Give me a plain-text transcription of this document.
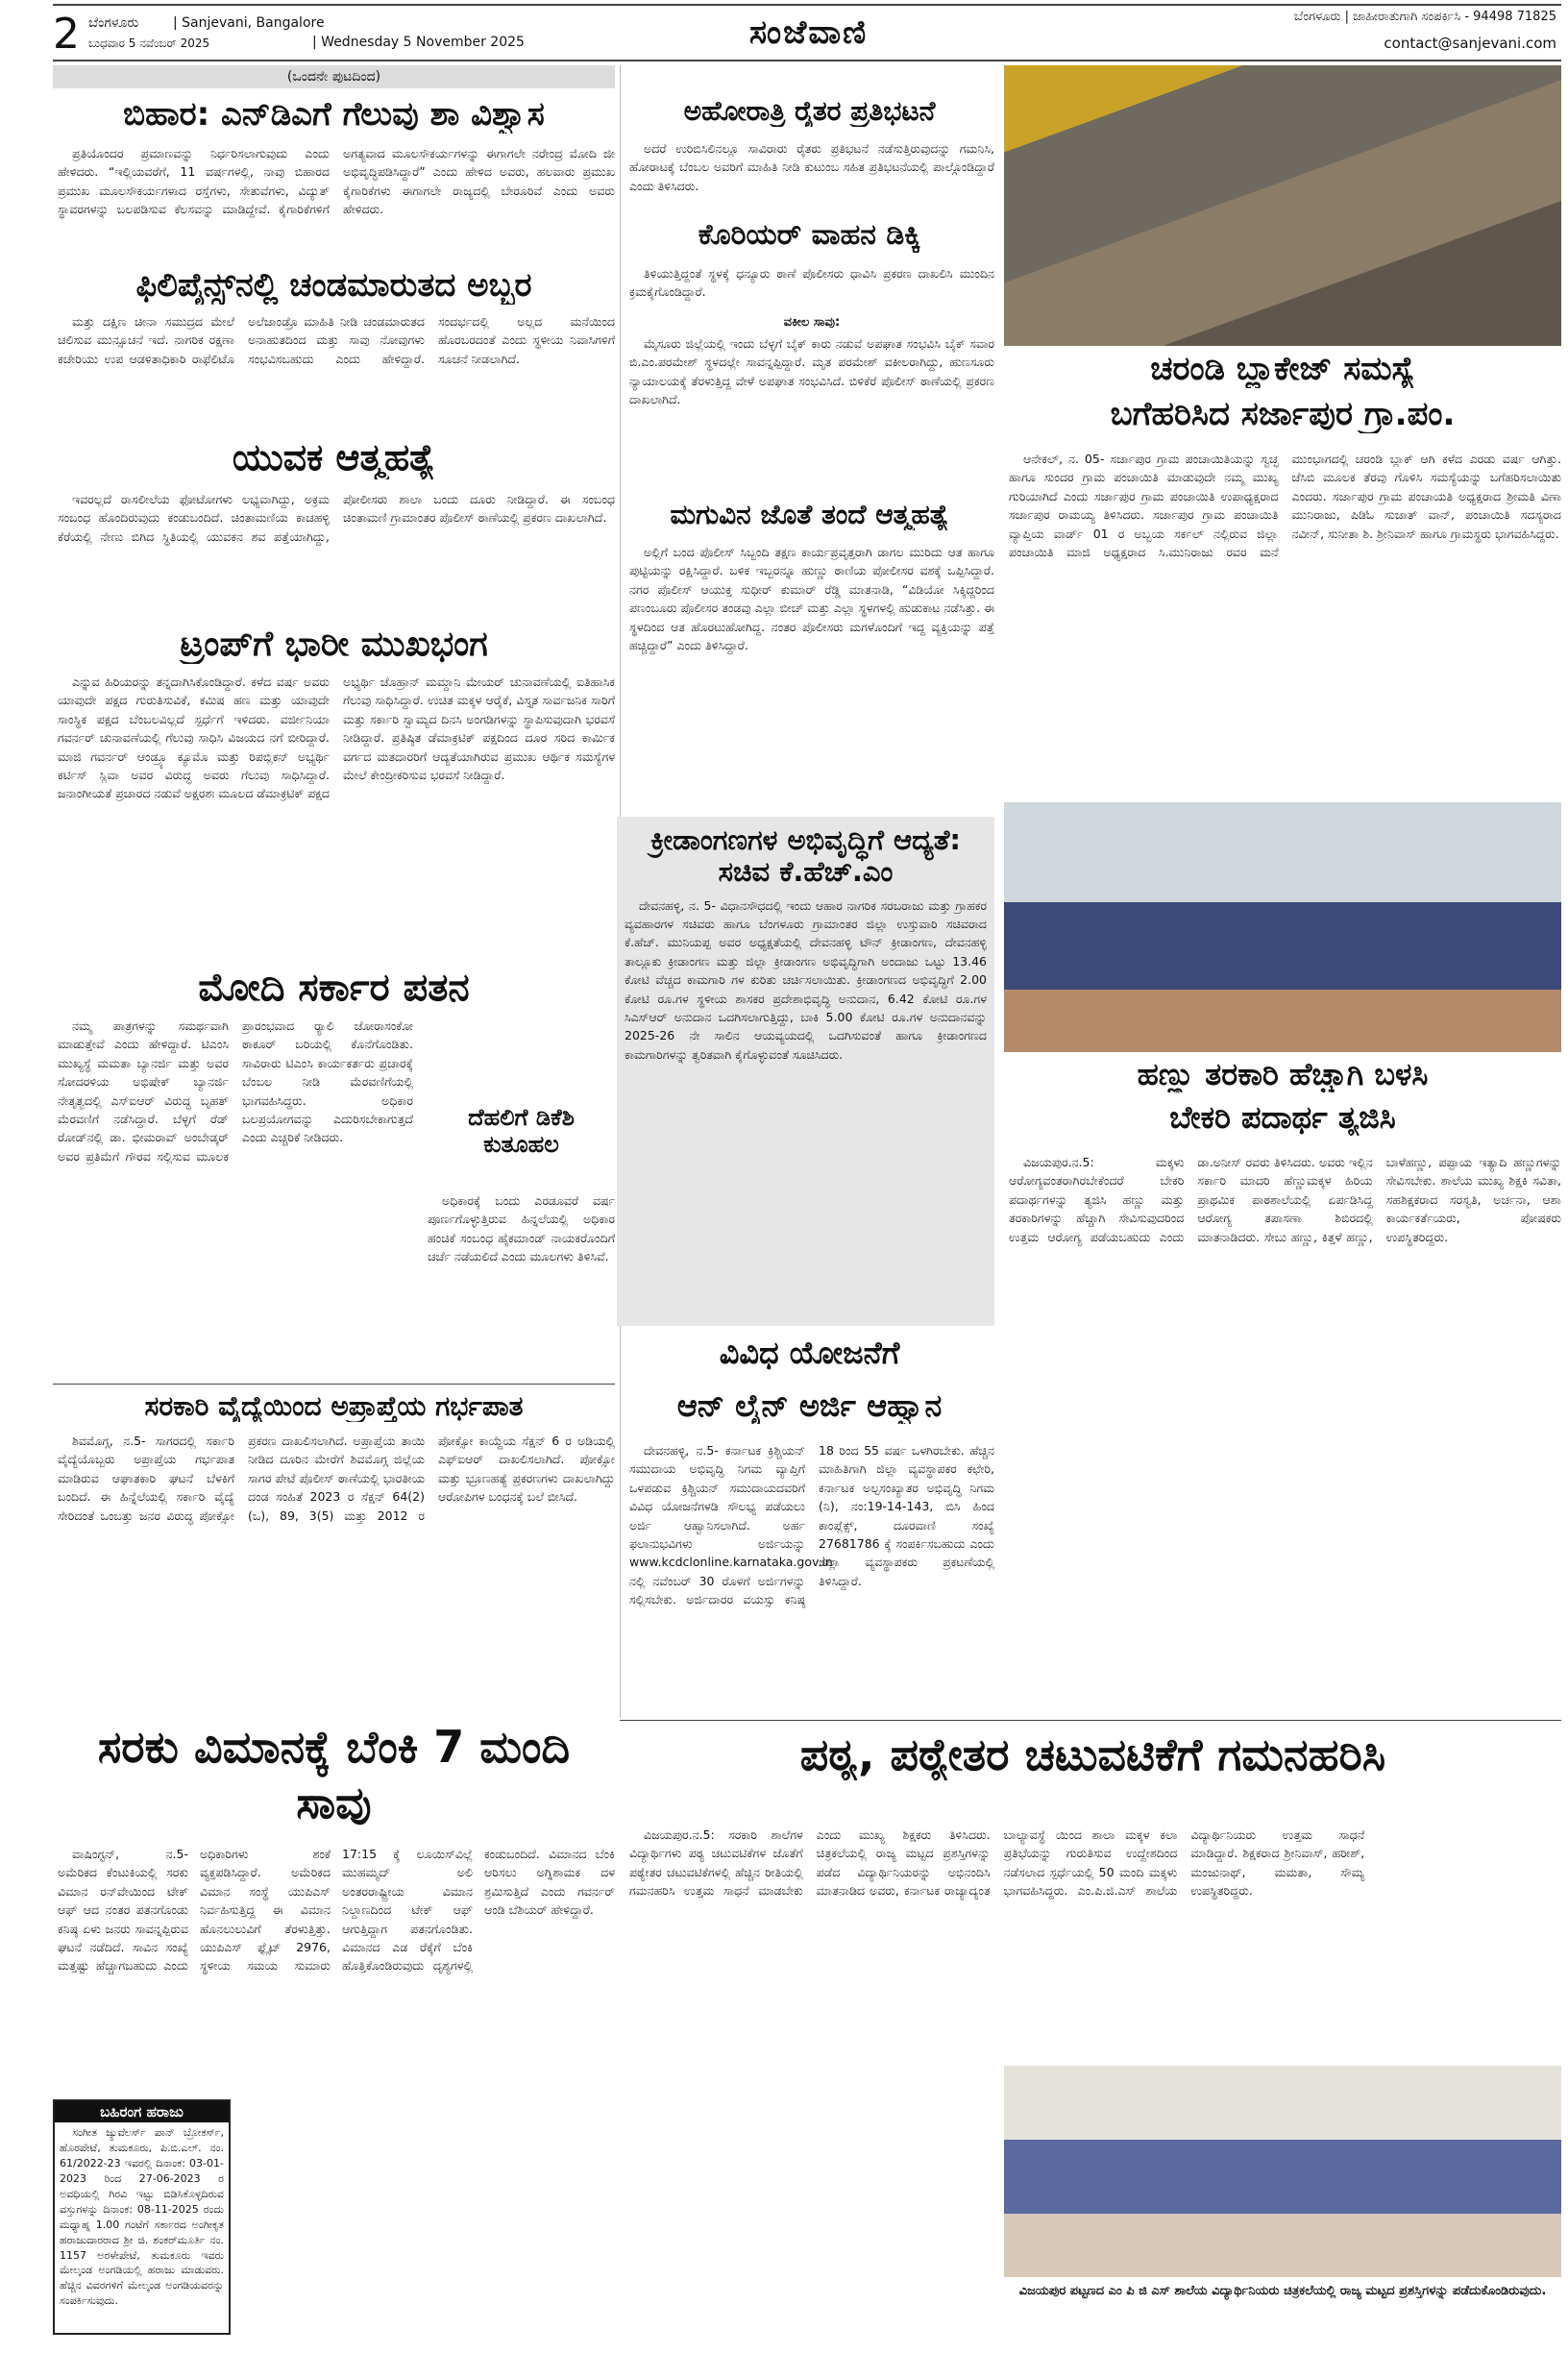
2 ಬೆಂಗಳೂರು	| Sanjevani, Bangalore
ಬುಧವಾರ 5 ನವೆಂಬರ್ 2025	| Wednesday 5 November 2025	ಸಂಜೆವಾಣಿ	ಬೆಂಗಳೂರು | ಜಾಹೀರಾತುಗಾಗಿ ಸಂಪರ್ಕಿಸಿ - 94498 71825
contact@sanjevani.com
(ಒಂದನೇ ಪುಟದಿಂದ)
ಬಿಹಾರ: ಎನ್‌ಡಿಎಗೆ ಗೆಲುವು ಶಾ ವಿಶ್ವಾಸ
ಪ್ರತಿಯೊಂದರ ಪ್ರಮಾಣವನ್ನು ನಿರ್ಧರಿಸಲಾಗುವುದು ಎಂದು ಹೇಳಿದರು. “ಇಲ್ಲಿಯವರೆಗೆ, 11 ವರ್ಷಗಳಲ್ಲಿ, ನಾವು ಬಿಹಾರದ ಪ್ರಮುಖ ಮೂಲಸೌಕರ್ಯಗಳಾದ ರಸ್ತೆಗಳು, ಸೇತುವೆಗಳು, ವಿದ್ಯುತ್ ಸ್ಥಾವರಗಳನ್ನು ಬಲಪಡಿಸುವ ಕೆಲಸವನ್ನು ಮಾಡಿದ್ದೇವೆ. ಕೈಗಾರಿಕೆಗಳಿಗೆ ಅಗತ್ಯವಾದ ಮೂಲಸೌಕರ್ಯಗಳನ್ನು ಈಗಾಗಲೇ ನರೇಂದ್ರ ಮೋದಿ ಜೀ ಅಭಿವೃದ್ಧಿಪಡಿಸಿದ್ದಾರೆ” ಎಂದು ಹೇಳಿದ ಅವರು, ಹಲವಾರು ಪ್ರಮುಖ ಕೈಗಾರಿಕೆಗಳು ಈಗಾಗಲೇ ರಾಜ್ಯದಲ್ಲಿ ಬೇರೂರಿವೆ ಎಂದು ಅವರು ಹೇಳಿದರು.
ಫಿಲಿಪೈನ್ಸ್‌ನಲ್ಲಿ ಚಂಡಮಾರುತದ ಅಬ್ಬರ
ಮತ್ತು ದಕ್ಷಿಣ ಚೀನಾ ಸಮುದ್ರದ ಮೇಲೆ ಚಲಿಸುವ ಮುನ್ಸೂಚನೆ ಇದೆ. ನಾಗರಿಕ ರಕ್ಷಣಾ ಕಚೇರಿಯು ಉಪ ಆಡಳಿತಾಧಿಕಾರಿ ರಾಫೆಲಿಟೊ ಅಲೆಜಾಂಡ್ರೊ ಮಾಹಿತಿ ನೀಡಿ ಚಂಡಮಾರುತದ ಅನಾಹುತದಿಂದ ಮತ್ತು ಸಾವು ನೋವುಗಳು ಸಂಭವಿಸಬಹುದು ಎಂದು ಹೇಳಿದ್ದಾರೆ. ಸಂದರ್ಭದಲ್ಲಿ ಅಲ್ಲದ ಮನೆಯಿಂದ ಹೊರಬರದಂತೆ ಎಂದು ಸ್ಥಳೀಯ ನಿವಾಸಿಗಳಿಗೆ ಸೂಚನೆ ನೀಡಲಾಗಿದೆ.
ಯುವಕ ಆತ್ಮಹತ್ಯೆ
ಇವರಲ್ಲದೆ ರಾಸಲೀಲೆಯ ಫೋಟೋಗಳು ಲಭ್ಯವಾಗಿದ್ದು, ಅಕ್ರಮ ಸಂಬಂಧ ಹೊಂದಿರುವುದು ಕಂಡುಬಂದಿದೆ. ಚಿಂತಾಮಣಿಯ ಕಾಚಹಳ್ಳಿ ಕೆರೆಯಲ್ಲಿ ನೇಣು ಬಿಗಿದ ಸ್ಥಿತಿಯಲ್ಲಿ ಯುವಕನ ಶವ ಪತ್ತೆಯಾಗಿದ್ದು, ಪೋಲೀಸರು ಶಾಲಾ ಬಂದು ದೂರು ನೀಡಿದ್ದಾರೆ. ಈ ಸಂಬಂಧ ಚಿಂತಾಮಣಿ ಗ್ರಾಮಾಂತರ ಪೊಲೀಸ್ ಠಾಣೆಯಲ್ಲಿ ಪ್ರಕರಣ ದಾಖಲಾಗಿದೆ.
ಟ್ರಂಪ್‌ಗೆ ಭಾರೀ ಮುಖಭಂಗ
ಎನ್ನುವ ಹಿರಿಯರನ್ನು ತನ್ನದಾಗಿಸಿಕೊಂಡಿದ್ದಾರೆ. ಕಳೆದ ವರ್ಷ ಅವರು ಯಾವುದೇ ಪಕ್ಷದ ಗುರುತಿಸುವಿಕೆ, ಕಮಿಷ ಹಣ ಮತ್ತು ಯಾವುದೇ ಸಾಂಸ್ಥಿಕ ಪಕ್ಷದ ಬೆಂಬಲವಿಲ್ಲದೆ ಸ್ಪರ್ಧೆಗೆ ಇಳಿದರು. ವರ್ಜೀನಿಯಾ ಗವರ್ನರ್ ಚುನಾವಣೆಯಲ್ಲಿ ಗೆಲುವು ಸಾಧಿಸಿ ವಿಜಯದ ನಗೆ ಬೀರಿದ್ದಾರೆ. ಮಾಜಿ ಗವರ್ನರ್ ಆಂಡ್ರ್ಯೂ ಕ್ಯೂಮೊ ಮತ್ತು ರಿಪಬ್ಲಿಕನ್ ಅಭ್ಯರ್ಥಿ ಕರ್ಟಿಸ್ ಸ್ಲಿವಾ ಅವರ ವಿರುದ್ಧ ಅವರು ಗೆಲುವು ಸಾಧಿಸಿದ್ದಾರೆ. ಜನಾಂಗೀಯತೆ ಪ್ರಚಾರದ ನಡುವೆ ಅಕ್ಷರಶಃ ಮೂಲದ ಡೆಮಾಕ್ರಟಿಕ್ ಪಕ್ಷದ ಅಭ್ಯರ್ಥಿ ಜೊಹ್ರಾನ್ ಮಮ್ದಾನಿ ಮೇಯರ್ ಚುನಾವಣೆಯಲ್ಲಿ ಐತಿಹಾಸಿಕ ಗೆಲುವು ಸಾಧಿಸಿದ್ದಾರೆ. ಉಚಿತ ಮಕ್ಕಳ ಆರೈಕೆ, ವಿಸ್ತೃತ ಸಾರ್ವಜನಿಕ ಸಾರಿಗೆ ಮತ್ತು ಸರ್ಕಾರಿ ಸ್ವಾಮ್ಯದ ದಿನಸಿ ಅಂಗಡಿಗಳನ್ನು ಸ್ಥಾಪಿಸುವುದಾಗಿ ಭರವಸೆ ನೀಡಿದ್ದಾರೆ. ಪ್ರತಿಷ್ಠಿತ ಡೆಮಾಕ್ರಟಿಕ್ ಪಕ್ಷದಿಂದ ದೂರ ಸರಿದ ಕಾರ್ಮಿಕ ವರ್ಗದ ಮತದಾರರಿಗೆ ಆದ್ಯತೆಯಾಗಿರುವ ಪ್ರಮುಖ ಆರ್ಥಿಕ ಸಮಸ್ಯೆಗಳ ಮೇಲೆ ಕೇಂದ್ರೀಕರಿಸುವ ಭರವಸೆ ನೀಡಿದ್ದಾರೆ.
ಮೋದಿ ಸರ್ಕಾರ ಪತನ
ನಮ್ಮ ಪಾತ್ರಗಳನ್ನು ಸಮರ್ಥವಾಗಿ ಮಾಡುತ್ತೇವೆ ಎಂದು ಹೇಳಿದ್ದಾರೆ. ಟಿಎಂಸಿ ಮುಖ್ಯಸ್ಥೆ ಮಮತಾ ಬ್ಯಾನರ್ಜಿ ಮತ್ತು ಅವರ ಸೋದರಳಿಯ ಅಭಿಷೇಕ್ ಬ್ಯಾನರ್ಜಿ ನೇತೃತ್ವದಲ್ಲಿ ಎಸ್‌ಐಆರ್ ವಿರುದ್ಧ ಬೃಹತ್ ಮೆರವಣಿಗೆ ನಡೆಸಿದ್ದಾರೆ. ಬೆಳ್ಳಗೆ ರೆಡ್ ರೋಡ್‌ನಲ್ಲಿ ಡಾ. ಭೀಮರಾವ್ ಅಂಬೇಡ್ಕರ್ ಅವರ ಪ್ರತಿಮೆಗೆ ಗೌರವ ಸಲ್ಲಿಸುವ ಮೂಲಕ ಪ್ರಾರಂಭವಾದ ರ‍್ಯಾಲಿ ಜೋರಾಸಂಕೋ ಠಾಕೂರ್ ಬರಿಯಲ್ಲಿ ಕೊನೆಗೊಂಡಿತು. ಸಾವಿರಾರು ಟಿಎಂಸಿ ಕಾರ್ಯಕರ್ತರು ಪ್ರಚಾರಕ್ಕೆ ಬೆಂಬಲ ನೀಡಿ ಮೆರವಣಿಗೆಯಲ್ಲಿ ಭಾಗವಹಿಸಿದ್ದರು. ಅಧಿಕಾರ ಬಲಪ್ರಯೋಗವನ್ನು ಎದುರಿಸಬೇಕಾಗುತ್ತದೆ ಎಂದು ಎಚ್ಚರಿಕೆ ನೀಡಿದರು.
ದೆಹಲಿಗೆ ಡಿಕೆಶಿ ಕುತೂಹಲ
ಅಧಿಕಾರಕ್ಕೆ ಬಂದು ಎರಡೂವರೆ ವರ್ಷ ಪೂರ್ಣಗೊಳ್ಳುತ್ತಿರುವ ಹಿನ್ನಲೆಯಲ್ಲಿ ಅಧಿಕಾರ ಹಂಚಿಕೆ ಸಂಬಂಧ ಹೈಕಮಾಂಡ್ ನಾಯಕರೊಂದಿಗೆ ಚರ್ಚೆ ನಡೆಯಲಿದೆ ಎಂದು ಮೂಲಗಳು ತಿಳಿಸಿವೆ.
ಸರಕಾರಿ ವೈದ್ಯೆಯಿಂದ ಅಪ್ರಾಪ್ತೆಯ ಗರ್ಭಪಾತ
ಶಿವಮೊಗ್ಗ, ನ.5- ಸಾಗರದಲ್ಲಿ ಸರ್ಕಾರಿ ವೈದ್ಯೆಯೊಬ್ಬರು ಅಪ್ರಾಪ್ತೆಯ ಗರ್ಭಪಾತ ಮಾಡಿರುವ ಆಘಾತಕಾರಿ ಘಟನೆ ಬೆಳಕಿಗೆ ಬಂದಿದೆ. ಈ ಹಿನ್ನೆಲೆಯಲ್ಲಿ ಸರ್ಕಾರಿ ವೈದ್ಯೆ ಸೇರಿದಂತೆ ಒಂಬತ್ತು ಜನರ ವಿರುದ್ಧ ಪೋಕ್ಸೋ ಪ್ರಕರಣ ದಾಖಲಿಸಲಾಗಿದೆ. ಅಪ್ರಾಪ್ತೆಯ ತಾಯಿ ನೀಡಿದ ದೂರಿನ ಮೇರೆಗೆ ಶಿವಮೊಗ್ಗ ಜಿಲ್ಲೆಯ ಸಾಗರ ಪೇಟೆ ಪೊಲೀಸ್ ಠಾಣೆಯಲ್ಲಿ ಭಾರತೀಯ ದಂಡ ಸಂಹಿತೆ 2023 ರ ಸೆಕ್ಷನ್ 64(2)(ಒ), 89, 3(5) ಮತ್ತು 2012 ರ ಪೋಕ್ಸೋ ಕಾಯ್ದೆಯ ಸೆಕ್ಷನ್ 6 ರ ಅಡಿಯಲ್ಲಿ ಎಫ್‌ಐಆರ್ ದಾಖಲಿಸಲಾಗಿದೆ. ಪೋಕ್ಸೋ ಮತ್ತು ಭ್ರೂಣಹತ್ಯೆ ಪ್ರಕರಣಗಳು ದಾಖಲಾಗಿದ್ದು ಆರೋಪಿಗಳ ಬಂಧನಕ್ಕೆ ಬಲೆ ಬೀಸಿದೆ.
ಸರಕು ವಿಮಾನಕ್ಕೆ ಬೆಂಕಿ 7 ಮಂದಿ ಸಾವು
ವಾಷಿಂಗ್ಟನ್, ನ.5- ಅಮೆರಿಕದ ಕೆಂಟುಕಿಯಲ್ಲಿ ಸರಕು ವಿಮಾನ ರನ್‌ವೇಯಿಂದ ಟೇಕ್ ಆಫ್ ಆದ ನಂತರ ಪತನಗೊಂಡು ಕನಿಷ್ಠ ಏಳು ಜನರು ಸಾವನ್ನಪ್ಪಿರುವ ಘಟನೆ ನಡೆದಿದೆ. ಸಾವಿನ ಸಂಖ್ಯೆ ಮತ್ತಷ್ಟು ಹೆಚ್ಚಾಗಬಹುದು ಎಂದು ಅಧಿಕಾರಿಗಳು ಶಂಕೆ ವ್ಯಕ್ತಪಡಿಸಿದ್ದಾರೆ. ಅಮೆರಿಕದ ವಿಮಾನ ಸಂಸ್ಥೆ ಯುಪಿಎಸ್ ನಿರ್ವಹಿಸುತ್ತಿದ್ದ ಈ ವಿಮಾನ ಹೊನಲುಲುವಿಗೆ ತೆರಳುತ್ತಿತ್ತು. ಯುಪಿಎಸ್ ಫ್ಲೈಟ್ 2976, ಸ್ಥಳೀಯ ಸಮಯ ಸುಮಾರು 17:15 ಕ್ಕೆ ಲೂಯಿಸ್‌ವಿಲ್ಲೆ ಮುಹಮ್ಮದ್ ಅಲಿ ಅಂತರರಾಷ್ಟ್ರೀಯ ವಿಮಾನ ನಿಲ್ದಾಣದಿಂದ ಟೇಕ್ ಆಫ್ ಆಗುತ್ತಿದ್ದಾಗ ಪತನಗೊಂಡಿತು. ವಿಮಾನದ ಎಡ ರೆಕ್ಕೆಗೆ ಬೆಂಕಿ ಹೊತ್ತಿಕೊಂಡಿರುವುದು ದೃಶ್ಯಗಳಲ್ಲಿ ಕಂಡುಬಂದಿದೆ. ವಿಮಾನದ ಬೆಂಕಿ ಆರಿಸಲು ಅಗ್ನಿಶಾಮಕ ದಳ ಶ್ರಮಿಸುತ್ತಿದೆ ಎಂದು ಗವರ್ನರ್ ಆಂಡಿ ಬೆಶಿಯರ್ ಹೇಳಿದ್ದಾರೆ.
ಬಹಿರಂಗ ಹರಾಜು
ಸಂಗೀತ ಜ್ಯುವೆಲರ್ಸ್ ಪಾನ್ ಬ್ರೋಕರ್ಸ್, ಹೊರಪೇಟೆ, ತುಮಕೂರು, ಪಿ.ಬಿ.ಎಲ್. ನಂ. 61/2022-23 ಇವರಲ್ಲಿ ದಿನಾಂಕ: 03-01-2023 ರಿಂದ 27-06-2023 ರ ಅವಧಿಯಲ್ಲಿ ಗಿರವಿ ಇಟ್ಟು ಬಿಡಿಸಿಕೊಳ್ಳದಿರುವ ವಸ್ತುಗಳನ್ನು ದಿನಾಂಕ: 08-11-2025 ರಂದು ಮಧ್ಯಾಹ್ನ 1.00 ಗಂಟೆಗೆ ಸರ್ಕಾರದ ಅಂಗೀಕೃತ ಹರಾಜುದಾರರಾದ ಶ್ರೀ ಜಿ. ಶಂಕರ್‌ಮೂರ್ತಿ ನಂ. 1157 ಅರಳೇಪೇಟೆ, ತುಮಕೂರು ಇವರು ಮೇಲ್ಕಂಡ ಅಂಗಡಿಯಲ್ಲಿ ಹರಾಜು ಮಾಡುವರು. ಹೆಚ್ಚಿನ ವಿವರಗಳಿಗೆ ಮೇಲ್ಕಂಡ ಅಂಗಡಿಯವರನ್ನು ಸಂಪರ್ಕಿಸುವುದು.
ಅಹೋರಾತ್ರಿ ರೈತರ ಪ್ರತಿಭಟನೆ
ಅದರೆ ಉರಿಬಿಸಿಲಿನಲ್ಲೂ ಸಾವಿರಾರು ರೈತರು ಪ್ರತಿಭಟನೆ ನಡೆಸುತ್ತಿರುವುದನ್ನು ಗಮನಿಸಿ, ಹೋರಾಟಕ್ಕೆ ಬೆಂಬಲ ಅವರಿಗೆ ಮಾಹಿತಿ ನೀಡಿ ಕುಟುಂಬ ಸಹಿತ ಪ್ರತಿಭಟನೆಯಲ್ಲಿ ಪಾಲ್ಗೊಂಡಿದ್ದಾರೆ ಎಂದು ತಿಳಿಸಿದರು.
ಕೊರಿಯರ್ ವಾಹನ ಡಿಕ್ಕಿ
ತಿಳಿಯುತ್ತಿದ್ದಂತೆ ಸ್ಥಳಕ್ಕೆ ಧನ್ಯೂರು ಠಾಣೆ ಪೊಲೀಸರು ಧಾವಿಸಿ ಪ್ರಕರಣ ದಾಖಲಿಸಿ ಮುಂದಿನ ಕ್ರಮಕೈಗೊಂಡಿದ್ದಾರೆ.
ವಕೀಲ ಸಾವು:
ಮೈಸೂರು ಜಿಲ್ಲೆಯಲ್ಲಿ ಇಂದು ಬೆಳ್ಳಗೆ ಬೈಕ್ ಕಾರು ನಡುವೆ ಅಪಘಾತ ಸಂಭವಿಸಿ ಬೈಕ್ ಸವಾರ ಬಿ.ಎಂ.ಪರಮೇಶ್ ಸ್ಥಳದಲ್ಲೇ ಸಾವನ್ನಪ್ಪಿದ್ದಾರೆ. ಮೃತ ಪರಮೇಶ್ ವಕೀಲರಾಗಿದ್ದು, ಹುಣಸೂರು ನ್ಯಾಯಾಲಯಕ್ಕೆ ತೆರಳುತ್ತಿದ್ದ ವೇಳೆ ಅಪಘಾತ ಸಂಭವಿಸಿದೆ. ಬಿಳಿಕೆರೆ ಪೊಲೀಸ್ ಠಾಣೆಯಲ್ಲಿ ಪ್ರಕರಣ ದಾಖಲಾಗಿದೆ.
ಮಗುವಿನ ಜೊತೆ ತಂದೆ ಆತ್ಮಹತ್ಯೆ
ಅಲ್ಲಿಗೆ ಬಂದ ಪೊಲೀಸ್ ಸಿಬ್ಬಂದಿ ತಕ್ಷಣ ಕಾರ್ಯಪ್ರವೃತ್ತರಾಗಿ ಡಾಗಲ ಮುರಿದು ಆತ ಹಾಗೂ ಪುಟ್ಟಿಯನ್ನು ರಕ್ಷಿಸಿದ್ದಾರೆ. ಬಳಿಕ ಇಬ್ಬರನ್ನೂ ಹುಣ್ಣು ಠಾಣಿಯ ಪೋಲೀಸರ ವಶಕ್ಕೆ ಒಪ್ಪಿಸಿದ್ದಾರೆ. ನಗರ ಪೊಲೀಸ್ ಆಯುಕ್ತ ಸುಧೀರ್ ಕುಮಾರ್ ರೆಡ್ಡಿ ಮಾತನಾಡಿ, “ವಿಡಿಯೋ ಸಿಕ್ಕಿದ್ದರಿಂದ ಪಣಂಬೂರು ಪೊಲೀಸರ ತಂಡವು ಎಲ್ಲಾ ಬೀಚ್ ಮತ್ತು ಎಲ್ಲಾ ಸ್ಥಳಗಳಲ್ಲಿ ಹುಡುಕಾಟ ನಡೆಸಿತ್ತು. ಈ ಸ್ಥಳದಿಂದ ಆತ ಹೊರಟುಹೋಗಿದ್ದ. ನಂತರ ಪೊಲೀಸರು ಮಗಳೊಂದಿಗೆ ಇದ್ದ ವ್ಯಕ್ತಿಯನ್ನು ಪತ್ತೆ ಹಚ್ಚಿದ್ದಾರೆ” ಎಂದು ತಿಳಿಸಿದ್ದಾರೆ.
ಕ್ರೀಡಾಂಗಣಗಳ ಅಭಿವೃದ್ಧಿಗೆ ಆದ್ಯತೆ: ಸಚಿವ ಕೆ.ಹೆಚ್.ಎಂ
ದೇವನಹಳ್ಳಿ, ನ. 5- ವಿಧಾನಸೌಧದಲ್ಲಿ ಇಂದು ಆಹಾರ ನಾಗರಿಕ ಸರಬರಾಜು ಮತ್ತು ಗ್ರಾಹಕರ ವ್ಯವಹಾರಗಳ ಸಚಿವರು ಹಾಗೂ ಬೆಂಗಳೂರು ಗ್ರಾಮಾಂತರ ಜಿಲ್ಲಾ ಉಸ್ತುವಾರಿ ಸಚಿವರಾದ ಕೆ.ಹೆಚ್. ಮುನಿಯಪ್ಪ ಅವರ ಅಧ್ಯಕ್ಷತೆಯಲ್ಲಿ ದೇವನಹಳ್ಳಿ ಟೌನ್ ಕ್ರೀಡಾಂಗಣ, ದೇವನಹಳ್ಳಿ ತಾಲ್ಲೂಕು ಕ್ರೀಡಾಂಗಣ ಮತ್ತು ಜಿಲ್ಲಾ ಕ್ರೀಡಾಂಗಣ ಅಭಿವೃದ್ಧಿಗಾಗಿ ಅಂದಾಜು ಒಟ್ಟು 13.46 ಕೋಟಿ ವೆಚ್ಚದ ಕಾಮಗಾರಿ ಗಳ ಕುರಿತು ಚರ್ಚಿಸಲಾಯಿತು. ಕ್ರೀಡಾಂಗಣದ ಅಭಿವೃದ್ಧಿಗೆ 2.00 ಕೋಟಿ ರೂ.ಗಳ ಸ್ಥಳೀಯ ಶಾಸಕರ ಪ್ರದೇಶಾಭಿವೃದ್ಧಿ ಅನುದಾನ, 6.42 ಕೋಟಿ ರೂ.ಗಳ ಸಿಎಸ್‌ಆರ್ ಅನುದಾನ ಒದಗಿಸಲಾಗುತ್ತಿದ್ದು, ಬಾಕಿ 5.00 ಕೋಟಿ ರೂ.ಗಳ ಅನುದಾನವನ್ನು 2025-26 ನೇ ಸಾಲಿನ ಆಯವ್ಯಯದಲ್ಲಿ ಒದಗಿಸುವಂತೆ ಹಾಗೂ ಕ್ರೀಡಾಂಗಣದ ಕಾಮಗಾರಿಗಳನ್ನು ತ್ವರಿತವಾಗಿ ಕೈಗೊಳ್ಳುವಂತೆ ಸೂಚಿಸಿದರು.
ವಿವಿಧ ಯೋಜನೆಗೆ
ಆನ್ ಲೈನ್ ಅರ್ಜಿ ಆಹ್ವಾನ
ದೇವನಹಳ್ಳಿ, ನ.5- ಕರ್ನಾಟಕ ಕ್ರಿಶ್ಚಿಯನ್ ಸಮುದಾಯ ಅಭಿವೃದ್ಧಿ ನಿಗಮ ವ್ಯಾಪ್ತಿಗೆ ಒಳಪಡುವ ಕ್ರಿಶ್ಚಿಯನ್ ಸಮುದಾಯದವರಿಗೆ ವಿವಿಧ ಯೋಜನೆಗಳಡಿ ಸೌಲಭ್ಯ ಪಡೆಯಲು ಅರ್ಜಿ ಆಹ್ವಾನಿಸಲಾಗಿದೆ. ಅರ್ಹ ಫಲಾನುಭವಿಗಳು ಅರ್ಜಿಯನ್ನು www.kcdclonline.karnataka.gov.in ನಲ್ಲಿ ನವೆಂಬರ್ 30 ರೊಳಗೆ ಅರ್ಜಿಗಳನ್ನು ಸಲ್ಲಿಸಬೇಕು. ಅರ್ಜಿದಾರರ ವಯಸ್ಸು ಕನಿಷ್ಠ 18 ರಿಂದ 55 ವರ್ಷ ಒಳಗಿರಬೇಕು. ಹೆಚ್ಚಿನ ಮಾಹಿತಿಗಾಗಿ ಜಿಲ್ಲಾ ವ್ಯವಸ್ಥಾಪಕರ ಕಛೇರಿ, ಕರ್ನಾಟಕ ಅಲ್ಪಸಂಖ್ಯಾತರ ಅಭಿವೃದ್ಧಿ ನಿಗಮ (ನಿ), ನಂ:19-14-143, ಬಿಸಿ ಹಿಂದ ಕಾಂಪ್ಲೆಕ್ಸ್, ದೂರವಾಣಿ ಸಂಖ್ಯೆ 27681786 ಕ್ಕೆ ಸಂಪರ್ಕಿಸಬಹುದು ಎಂದು ಜಿಲ್ಲಾ ವ್ಯವಸ್ಥಾಪಕರು ಪ್ರಕಟಣೆಯಲ್ಲಿ ತಿಳಿಸಿದ್ದಾರೆ.
ಚರಂಡಿ ಬ್ಲಾಕೇಜ್ ಸಮಸ್ಯೆ
ಬಗೆಹರಿಸಿದ ಸರ್ಜಾಪುರ ಗ್ರಾ.ಪಂ.
ಆನೇಕಲ್, ನ. 05- ಸರ್ಜಾಪುರ ಗ್ರಾಮ ಪಂಚಾಯಿತಿಯನ್ನು ಸ್ವಚ್ಛ ಹಾಗೂ ಸುಂದರ ಗ್ರಾಮ ಪಂಚಾಯಿತಿ ಮಾಡುವುದೇ ನಮ್ಮ ಮುಖ್ಯ ಗುರಿಯಾಗಿದೆ ಎಂದು ಸರ್ಜಾಪುರ ಗ್ರಾಮ ಪಂಚಾಯಿತಿ ಉಪಾಧ್ಯಕ್ಷರಾದ ಸರ್ಜಾಪುರ ರಾಮಯ್ಯ ತಿಳಿಸಿದರು. ಸರ್ಜಾಪುರ ಗ್ರಾಮ ಪಂಚಾಯಿತಿ ವ್ಯಾಪ್ತಿಯ ವಾರ್ಡ್ 01 ರ ಅಬ್ಬಯ ಸರ್ಕಲ್ ನಲ್ಲಿರುವ ಜಿಲ್ಲಾ ಪಂಚಾಯಿತಿ ಮಾಜಿ ಅಧ್ಯಕ್ಷರಾದ ಸಿ.ಮುನಿರಾಜು ರವರ ಮನೆ ಮುಂಭಾಗದಲ್ಲಿ ಚರಂಡಿ ಬ್ಲಾಕ್ ಆಗಿ ಕಳೆದ ಎರಡು ವರ್ಷ ಆಗಿತ್ತು. ಜೆಸಿಬಿ ಮೂಲಕ ತೆರವು ಗೊಳಿಸಿ ಸಮಸ್ಯೆಯನ್ನು ಬಗೆಹರಿಸಲಾಯಿತು ಎಂದರು. ಸರ್ಜಾಪುರ ಗ್ರಾಮ ಪಂಚಾಯತಿ ಅಧ್ಯಕ್ಷರಾದ ಶ್ರೀಮತಿ ವಿಣಾ ಮುನಿರಾಜು, ಪಿಡಿಓ ಸುಜಾತ್ ವಾನ್, ಪಂಚಾಯಿತಿ ಸದಸ್ಯರಾದ ನವೀನ್, ಸುನೀತಾ ಶಿ. ಶ್ರೀನಿವಾಸ್ ಹಾಗೂ ಗ್ರಾಮಸ್ಥರು ಭಾಗವಹಿಸಿದ್ದರು.
ಹಣ್ಣು ತರಕಾರಿ ಹೆಚ್ಚಾಗಿ ಬಳಸಿ
ಬೇಕರಿ ಪದಾರ್ಥ ತ್ಯಜಿಸಿ
ವಿಜಯಪುರ.ನ.5: ಮಕ್ಕಳು ಆರೋಗ್ಯವಂತರಾಗಿರಬೇಕೆಂದರೆ ಬೇಕರಿ ಪದಾರ್ಥಗಳನ್ನು ತ್ಯಜಿಸಿ ಹಣ್ಣು ಮತ್ತು ತರಕಾರಿಗಳನ್ನು ಹೆಚ್ಚಾಗಿ ಸೇವಿಸುವುದರಿಂದ ಉತ್ತಮ ಆರೋಗ್ಯ ಪಡೆಯಬಹುದು ಎಂದು ಡಾ.ಅನೀಸ್ ರವರು ತಿಳಿಸಿದರು. ಅವರು ಇಲ್ಲಿನ ಸರ್ಕಾರಿ ಮಾದರಿ ಹೆಣ್ಣುಮಕ್ಕಳ ಹಿರಿಯ ಪ್ರಾಥಮಿಕ ಪಾಠಶಾಲೆಯಲ್ಲಿ ಏರ್ಪಡಿಸಿದ್ದ ಆರೋಗ್ಯ ತಪಾಸಣಾ ಶಿಬಿರದಲ್ಲಿ ಮಾತನಾಡಿದರು. ಸೇಬು ಹಣ್ಣು, ಕಿತ್ತಳೆ ಹಣ್ಣು, ಬಾಳೆಹಣ್ಣು, ಪಪ್ಪಾಯ ಇತ್ಯಾದಿ ಹಣ್ಣುಗಳನ್ನು ಸೇವಿಸಬೇಕು. ಶಾಲೆಯ ಮುಖ್ಯ ಶಿಕ್ಷಕಿ ಸವಿತಾ, ಸಹಶಿಕ್ಷಕರಾದ ಸರಸ್ವತಿ, ಅರ್ಚನಾ, ಆಶಾ ಕಾರ್ಯಕರ್ತೆಯರು, ಪೋಷಕರು ಉಪಸ್ಥಿತರಿದ್ದರು.
ಪಠ್ಯ, ಪಠ್ಯೇತರ ಚಟುವಟಿಕೆಗೆ ಗಮನಹರಿಸಿ
ವಿಜಯಪುರ.ನ.5: ಸರಕಾರಿ ಶಾಲೆಗಳ ವಿದ್ಯಾರ್ಥಿಗಳು ಪಠ್ಯ ಚಟುವಟಿಕೆಗಳ ಜೊತೆಗೆ ಪಠ್ಯೇತರ ಚಟುವಟಿಕೆಗಳಲ್ಲಿ ಹೆಚ್ಚಿನ ರೀತಿಯಲ್ಲಿ ಗಮನಹರಿಸಿ ಉತ್ತಮ ಸಾಧನೆ ಮಾಡಬೇಕು ಎಂದು ಮುಖ್ಯ ಶಿಕ್ಷಕರು ತಿಳಿಸಿದರು. ಚಿತ್ರಕಲೆಯಲ್ಲಿ ರಾಜ್ಯ ಮಟ್ಟದ ಪ್ರಶಸ್ತಿಗಳನ್ನು ಪಡೆದ ವಿದ್ಯಾರ್ಥಿನಿಯರನ್ನು ಅಭಿನಂದಿಸಿ ಮಾತನಾಡಿದ ಅವರು, ಕರ್ನಾಟಕ ರಾಜ್ಯಾದ್ಯಂತ ಬಾಲ್ಯಾವಸ್ಥೆ ಯಿಂದ ಶಾಲಾ ಮಕ್ಕಳ ಕಲಾ ಪ್ರತಿಭೆಯನ್ನು ಗುರುತಿಸುವ ಉದ್ದೇಶದಿಂದ ನಡೆಸಲಾದ ಸ್ಪರ್ಧೆಯಲ್ಲಿ 50 ಮಂದಿ ಮಕ್ಕಳು ಭಾಗವಹಿಸಿದ್ದರು. ಎಂ.ಪಿ.ಜಿ.ಎಸ್ ಶಾಲೆಯ ವಿದ್ಯಾರ್ಥಿನಿಯರು ಉತ್ತಮ ಸಾಧನೆ ಮಾಡಿದ್ದಾರೆ. ಶಿಕ್ಷಕರಾದ ಶ್ರೀನಿವಾಸ್, ಹರೀಶ್, ಮಂಜುನಾಥ್, ಮಮತಾ, ಸೌಮ್ಯ ಉಪಸ್ಥಿತರಿದ್ದರು.
ವಿಜಯಪುರ ಪಟ್ಟಣದ ಎಂ ಪಿ ಜಿ ಎಸ್ ಶಾಲೆಯ ವಿದ್ಯಾರ್ಥಿನಿಯರು ಚಿತ್ರಕಲೆಯಲ್ಲಿ ರಾಜ್ಯ ಮಟ್ಟದ ಪ್ರಶಸ್ತಿಗಳನ್ನು ಪಡೆದುಕೊಂಡಿರುವುದು.
